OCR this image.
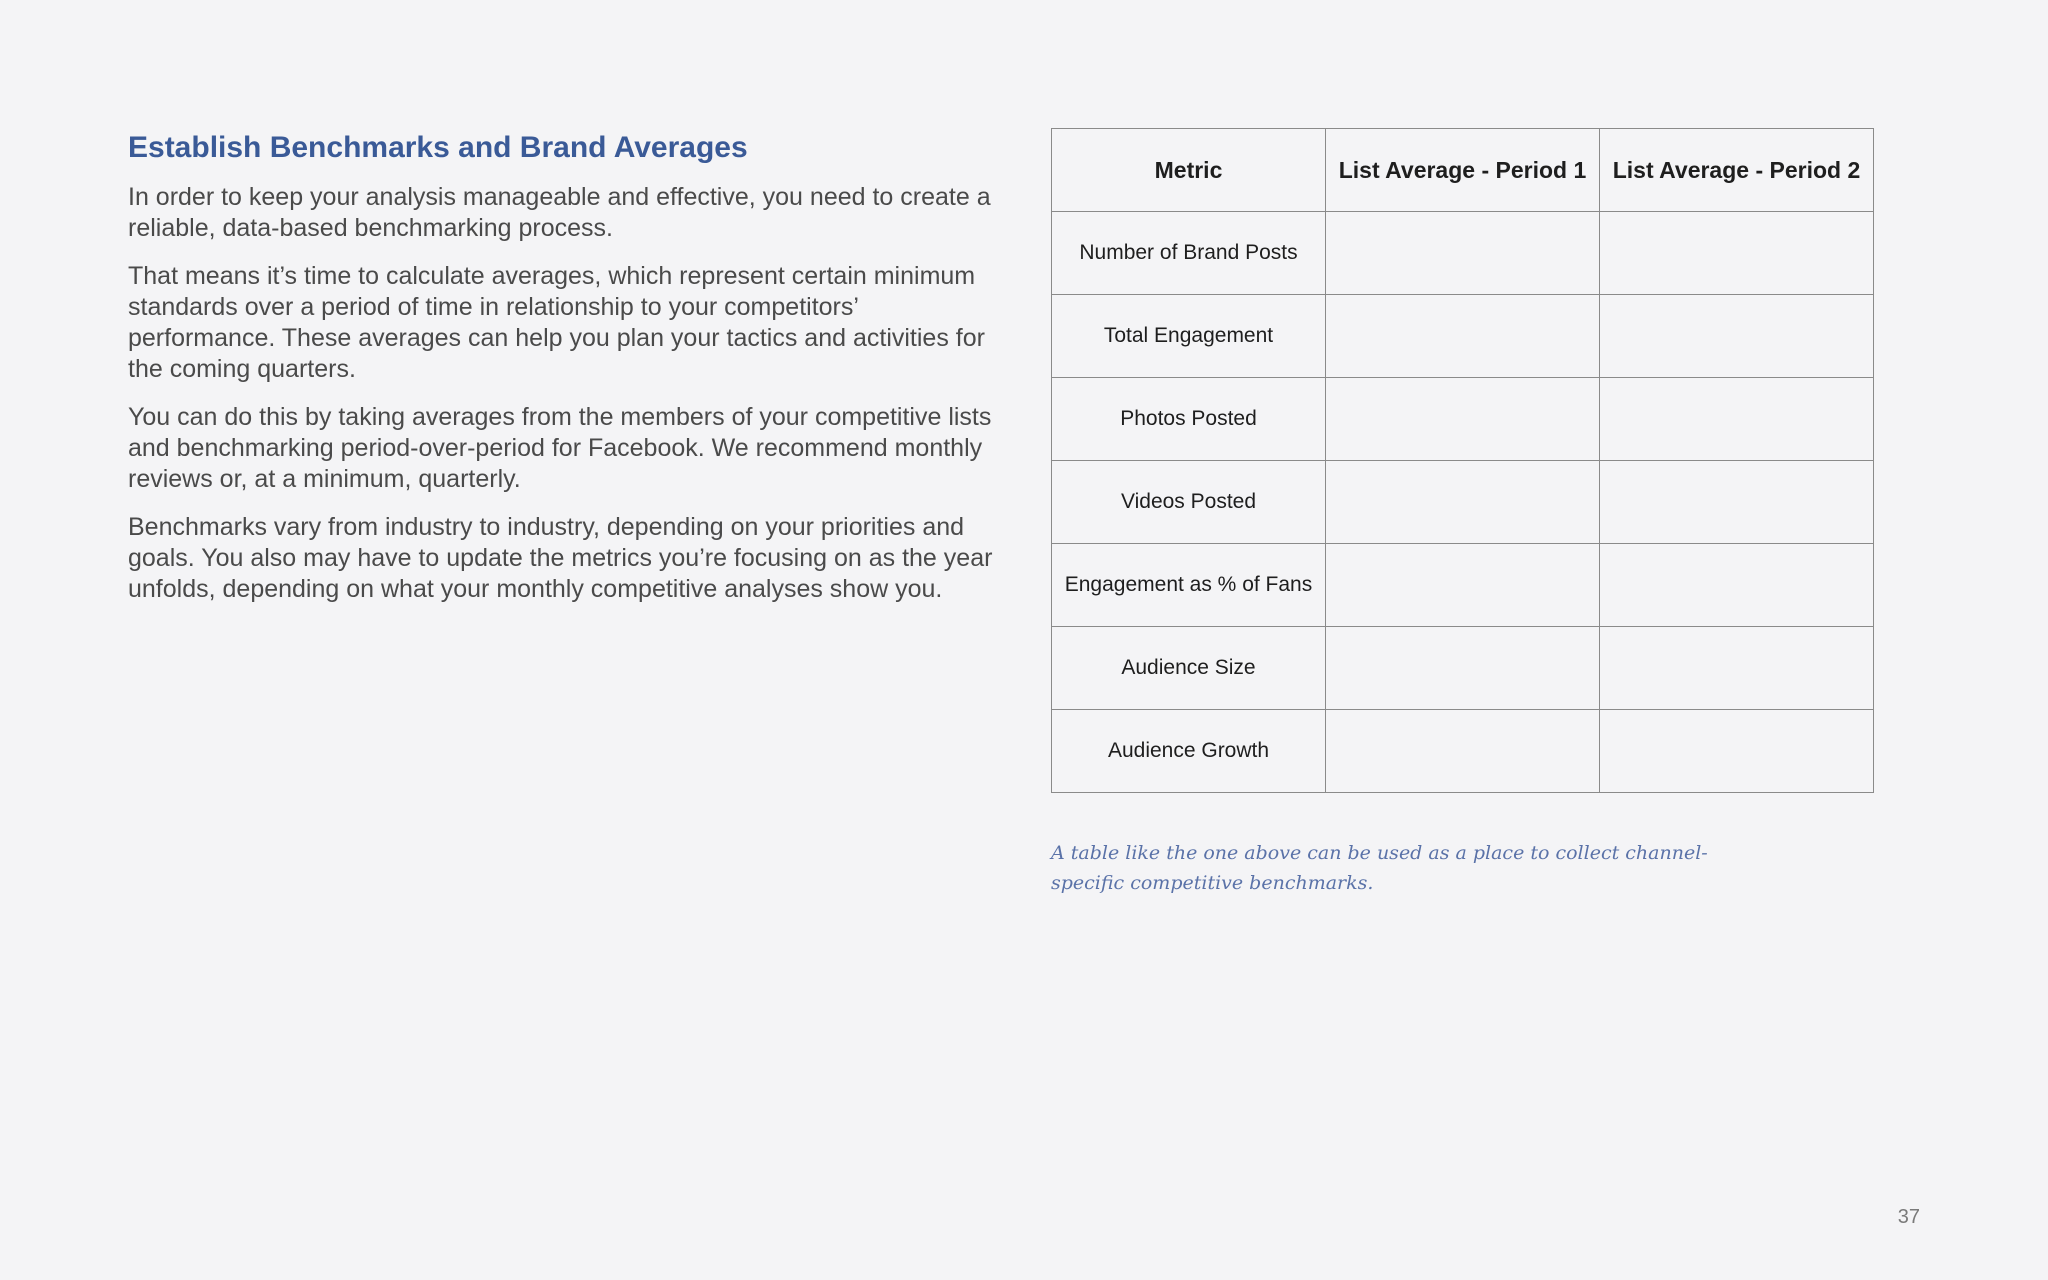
Establish Benchmarks and Brand Averages

In order to keep your analysis manageable and effective, you need to create a reliable, data-based benchmarking process.

That means it’s time to calculate averages, which represent certain minimum standards over a period of time in relationship to your competitors’ performance. These averages can help you plan your tactics and activities for the coming quarters.

You can do this by taking averages from the members of your competitive lists and benchmarking period-over-period for Facebook. We recommend monthly reviews or, at a minimum, quarterly.

Benchmarks vary from industry to industry, depending on your priorities and goals. You also may have to update the metrics you’re focusing on as the year unfolds, depending on what your monthly competitive analyses show you.

Metric	List Average - Period 1	List Average - Period 2
Number of Brand Posts		
Total Engagement		
Photos Posted		
Videos Posted		
Engagement as % of Fans		
Audience Size		
Audience Growth		
A table like the one above can be used as a place to collect channel-specific competitive benchmarks.
37
